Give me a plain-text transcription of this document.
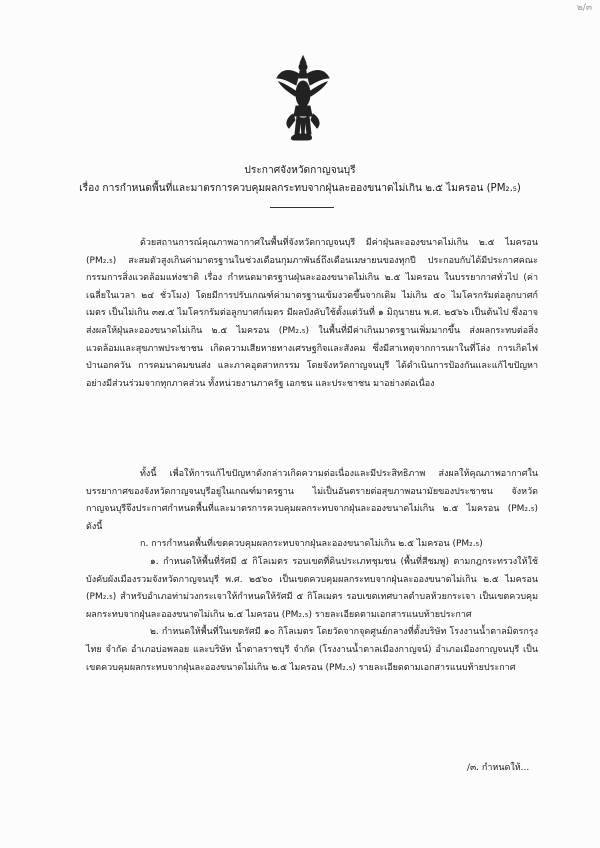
๒/๓
ประกาศจังหวัดกาญจนบุรี
เรื่อง การกำหนดพื้นที่และมาตรการควบคุมผลกระทบจากฝุ่นละอองขนาดไม่เกิน ๒.๕ ไมครอน (PM₂.₅)

ด้วยสถานการณ์คุณภาพอากาศในพื้นที่จังหวัดกาญจนบุรี มีค่าฝุ่นละอองขนาดไม่เกิน ๒.๕ ไมครอน (PM₂.₅) สะสมตัวสูงเกินค่ามาตรฐานในช่วงเดือนกุมภาพันธ์ถึงเดือนเมษายนของทุกปี ประกอบกับได้มีประกาศคณะกรรมการสิ่งแวดล้อมแห่งชาติ เรื่อง กำหนดมาตรฐานฝุ่นละอองขนาดไม่เกิน ๒.๕ ไมครอน ในบรรยากาศทั่วไป (ค่าเฉลี่ยในเวลา ๒๔ ชั่วโมง) โดยมีการปรับเกณฑ์ค่ามาตรฐานเข้มงวดขึ้นจากเดิม ไม่เกิน ๕๐ ไมโครกรัมต่อลูกบาศก์เมตร เป็นไม่เกิน ๓๗.๕ ไมโครกรัมต่อลูกบาศก์เมตร มีผลบังคับใช้ตั้งแต่วันที่ ๑ มิถุนายน พ.ศ. ๒๕๖๖ เป็นต้นไป ซึ่งอาจส่งผลให้ฝุ่นละอองขนาดไม่เกิน ๒.๕ ไมครอน (PM₂.₅) ในพื้นที่มีค่าเกินมาตรฐานเพิ่มมากขึ้น ส่งผลกระทบต่อสิ่งแวดล้อมและสุขภาพประชาชน เกิดความเสียหายทางเศรษฐกิจและสังคม ซึ่งมีสาเหตุจากการเผาในที่โล่ง การเกิดไฟป่านอกควัน การคมนาคมขนส่ง และภาคอุตสาหกรรม โดยจังหวัดกาญจนบุรี ได้ดำเนินการป้องกันและแก้ไขปัญหาอย่างมีส่วนร่วมจากทุกภาคส่วน ทั้งหน่วยงานภาครัฐ เอกชน และประชาชน มาอย่างต่อเนื่อง

ทั้งนี้ เพื่อให้การแก้ไขปัญหาดังกล่าวเกิดความต่อเนื่องและมีประสิทธิภาพ ส่งผลให้คุณภาพอากาศในบรรยากาศของจังหวัดกาญจนบุรีอยู่ในเกณฑ์มาตรฐาน ไม่เป็นอันตรายต่อสุขภาพอนามัยของประชาชน จังหวัดกาญจนบุรีจึงประกาศกำหนดพื้นที่และมาตรการควบคุมผลกระทบจากฝุ่นละอองขนาดไม่เกิน ๒.๕ ไมครอน (PM₂.₅) ดังนี้

ก. การกำหนดพื้นที่เขตควบคุมผลกระทบจากฝุ่นละอองขนาดไม่เกิน ๒.๕ ไมครอน (PM₂.₅)

๑. กำหนดให้พื้นที่รัศมี ๕ กิโลเมตร รอบเขตที่ดินประเภทชุมชน (พื้นที่สีชมพู) ตามกฎกระทรวงให้ใช้บังคับผังเมืองรวมจังหวัดกาญจนบุรี พ.ศ. ๒๕๖๐ เป็นเขตควบคุมผลกระทบจากฝุ่นละอองขนาดไม่เกิน ๒.๕ ไมครอน (PM₂.₅) สำหรับอำเภอท่าม่วงกระเจาให้กำหนดให้รัศมี ๕ กิโลเมตร รอบเขตเทศบาลตำบลห้วยกระเจา เป็นเขตควบคุมผลกระทบจากฝุ่นละอองขนาดไม่เกิน ๒.๕ ไมครอน (PM₂.₅) รายละเอียดตามเอกสารแนบท้ายประกาศ

๒. กำหนดให้พื้นที่ในเขตรัศมี ๑๐ กิโลเมตร โดยวัดจากจุดศูนย์กลางที่ตั้งบริษัท โรงงานน้ำตาลมิตรกรุงไทย จำกัด อำเภอบ่อพลอย และบริษัท น้ำตาลราชบุรี จำกัด (โรงงานน้ำตาลเมืองกาญจน์) อำเภอเมืองกาญจนบุรี เป็นเขตควบคุมผลกระทบจากฝุ่นละอองขนาดไม่เกิน ๒.๕ ไมครอน (PM₂.₅) รายละเอียดตามเอกสารแนบท้ายประกาศ

/๓. กำหนดให้...
